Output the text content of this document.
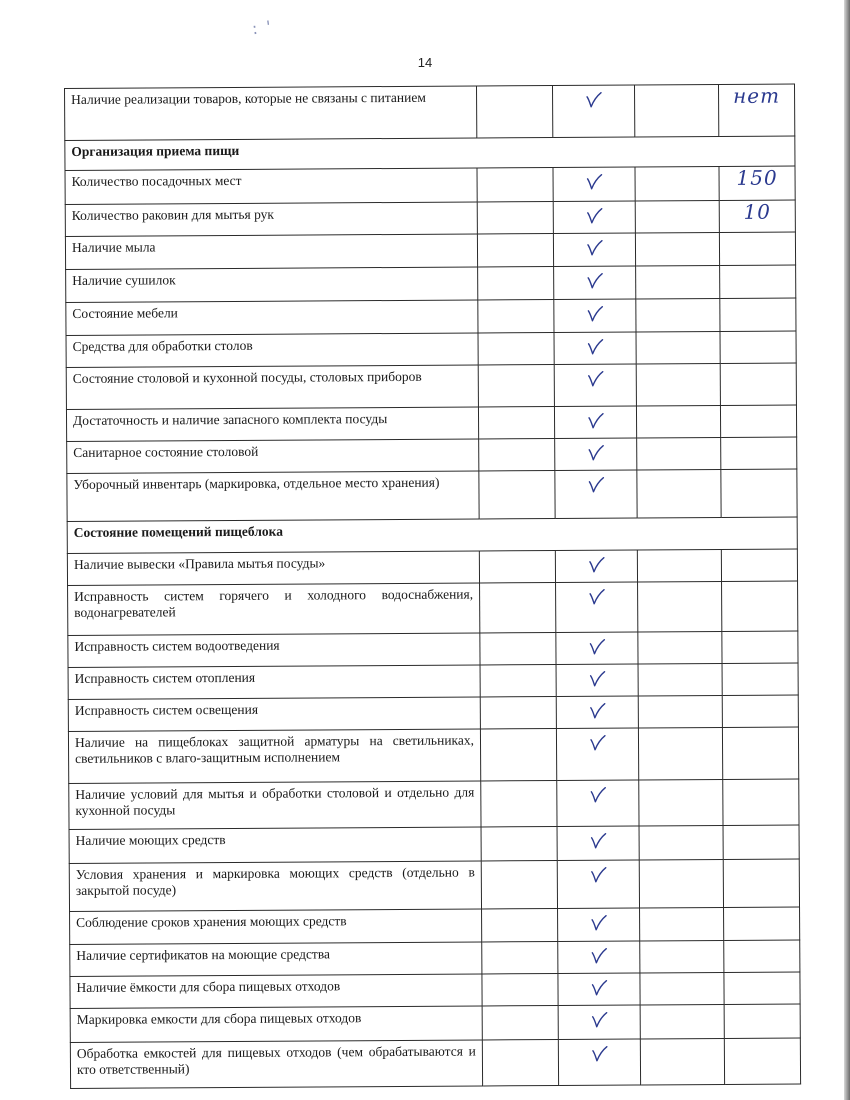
: '
14
Наличие реализации товаров, которые не связаны с питанием				нет
Организация приема пищи				
Количество посадочных мест				150
Количество раковин для мытья рук				10
Наличие мыла				
Наличие сушилок				
Состояние мебели				
Средства для обработки столов				
Состояние столовой и кухонной посуды, столовых приборов				
Достаточность и наличие запасного комплекта посуды				
Санитарное состояние столовой				
Уборочный инвентарь (маркировка, отдельное место хранения)				
Состояние помещений пищеблока				
Наличие вывески «Правила мытья посуды»				
Исправность систем горячего и холодного водоснабжения, водонагревателей				
Исправность систем водоотведения				
Исправность систем отопления				
Исправность систем освещения				
Наличие на пищеблоках защитной арматуры на светильниках, светильников с влаго-защитным исполнением				
Наличие условий для мытья и обработки столовой и отдельно для кухонной посуды				
Наличие моющих средств				
Условия хранения и маркировка моющих средств (отдельно в закрытой посуде)				
Соблюдение сроков хранения моющих средств				
Наличие сертификатов на моющие средства				
Наличие ёмкости для сбора пищевых отходов				
Маркировка емкости для сбора пищевых отходов				
Обработка емкостей для пищевых отходов (чем обрабатываются и кто ответственный)				
